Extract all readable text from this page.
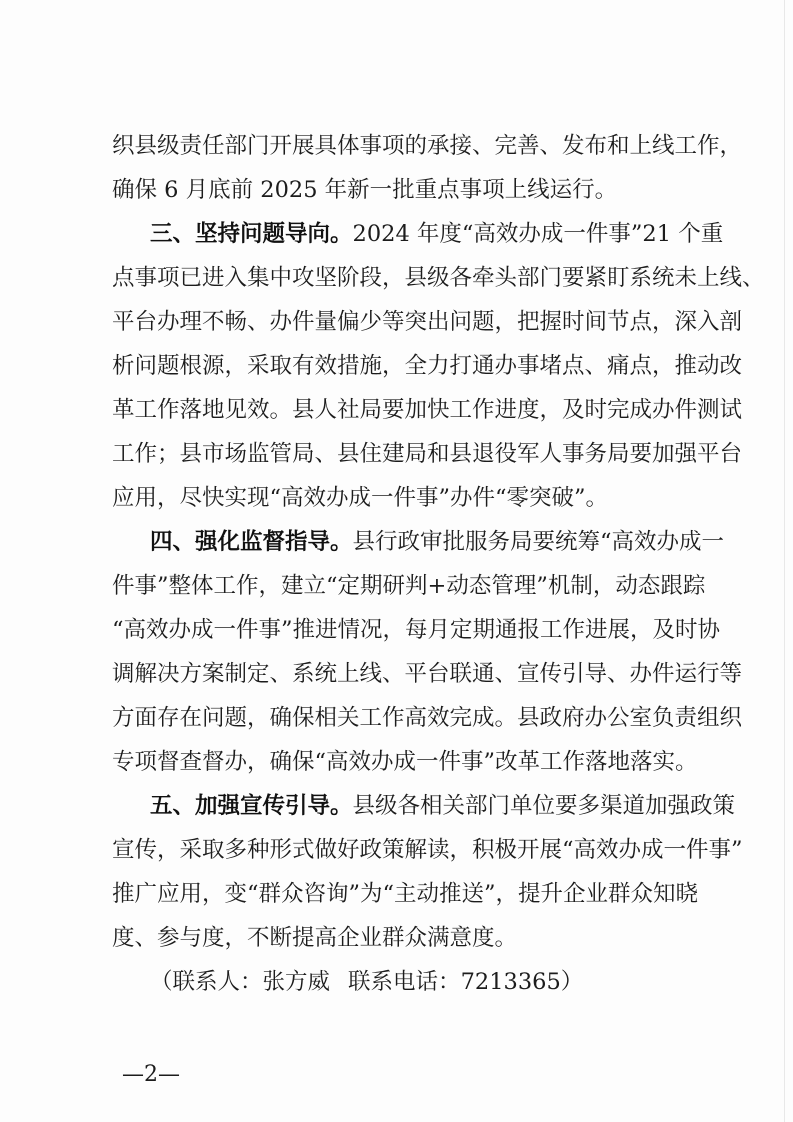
织县级责任部门开展具体事项的承接、完善、发布和上线工作，
确保 6 月底前 2025 年新一批重点事项上线运行。
三、坚持问题导向。2024 年度“高效办成一件事”21 个重
点事项已进入集中攻坚阶段，县级各牵头部门要紧盯系统未上线、
平台办理不畅、办件量偏少等突出问题，把握时间节点，深入剖
析问题根源，采取有效措施，全力打通办事堵点、痛点，推动改
革工作落地见效。县人社局要加快工作进度，及时完成办件测试
工作；县市场监管局、县住建局和县退役军人事务局要加强平台
应用，尽快实现“高效办成一件事”办件“零突破”。
四、强化监督指导。县行政审批服务局要统筹“高效办成一
件事”整体工作，建立“定期研判+动态管理”机制，动态跟踪
“高效办成一件事”推进情况，每月定期通报工作进展，及时协
调解决方案制定、系统上线、平台联通、宣传引导、办件运行等
方面存在问题，确保相关工作高效完成。县政府办公室负责组织
专项督查督办，确保“高效办成一件事”改革工作落地落实。
五、加强宣传引导。县级各相关部门单位要多渠道加强政策
宣传，采取多种形式做好政策解读，积极开展“高效办成一件事”
推广应用，变“群众咨询”为“主动推送”，提升企业群众知晓
度、参与度，不断提高企业群众满意度。
（联系人：张方威 联系电话：7213365）
—2—
